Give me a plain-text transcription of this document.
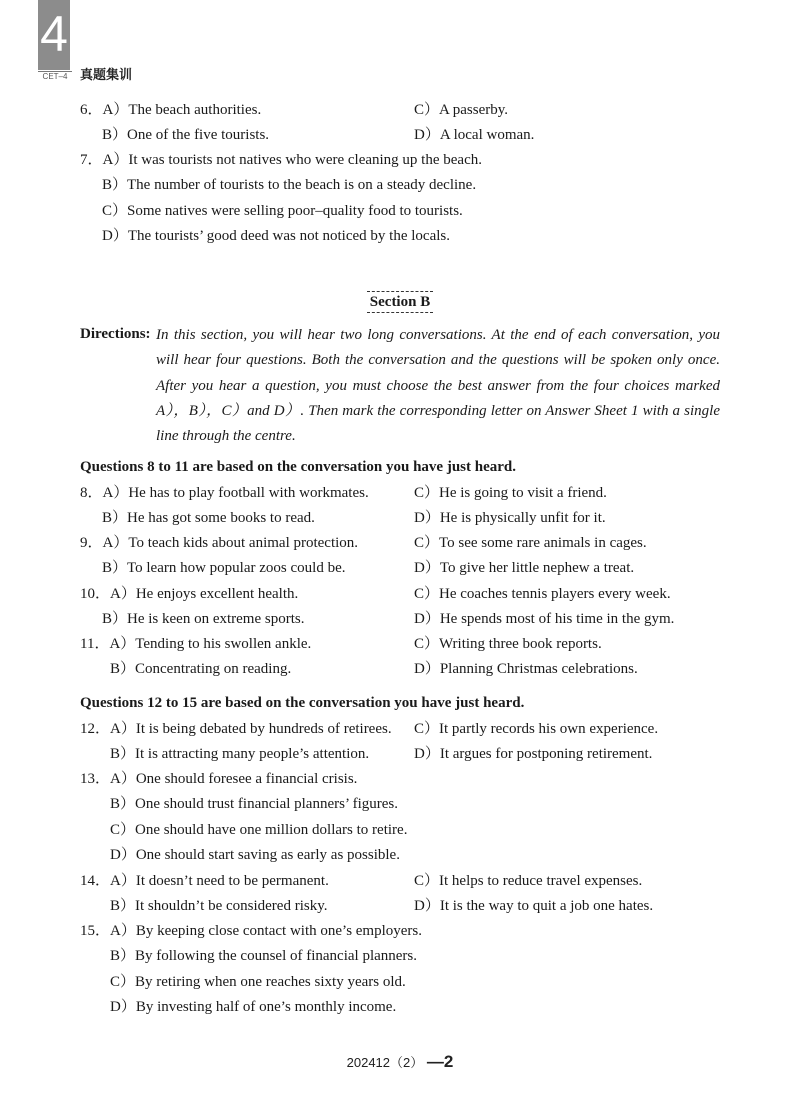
4
CET–4 真题集训
6．A）The beach authorities.	C）A passerby.
B）One of the five tourists.	D）A local woman.
7．A）It was tourists not natives who were cleaning up the beach.
B）The number of tourists to the beach is on a steady decline.
C）Some natives were selling poor–quality food to tourists.
D）The tourists’ good deed was not noticed by the locals.
Section B
Directions: In this section, you will hear two long conversations. At the end of each conversation, you will hear four questions. Both the conversation and the questions will be spoken only once. After you hear a question, you must choose the best answer from the four choices marked A），B），C）and D）. Then mark the corresponding letter on Answer Sheet 1 with a single line through the centre.
Questions 8 to 11 are based on the conversation you have just heard.
8．A）He has to play football with workmates.	C）He is going to visit a friend.
B）He has got some books to read.	D）He is physically unfit for it.
9．A）To teach kids about animal protection.	C）To see some rare animals in cages.
B）To learn how popular zoos could be.	D）To give her little nephew a treat.
10．A）He enjoys excellent health.	C）He coaches tennis players every week.
B）He is keen on extreme sports.	D）He spends most of his time in the gym.
11．A）Tending to his swollen ankle.	C）Writing three book reports.
B）Concentrating on reading.	D）Planning Christmas celebrations.
Questions 12 to 15 are based on the conversation you have just heard.
12．A）It is being debated by hundreds of retirees. C）It partly records his own experience.
B）It is attracting many people’s attention.	D）It argues for postponing retirement.
13．A）One should foresee a financial crisis.
B）One should trust financial planners’ figures.
C）One should have one million dollars to retire.
D）One should start saving as early as possible.
14．A）It doesn’t need to be permanent.	C）It helps to reduce travel expenses.
B）It shouldn’t be considered risky.	D）It is the way to quit a job one hates.
15．A）By keeping close contact with one’s employers.
B）By following the counsel of financial planners.
C）By retiring when one reaches sixty years old.
D）By investing half of one’s monthly income.
202412（2） —2
